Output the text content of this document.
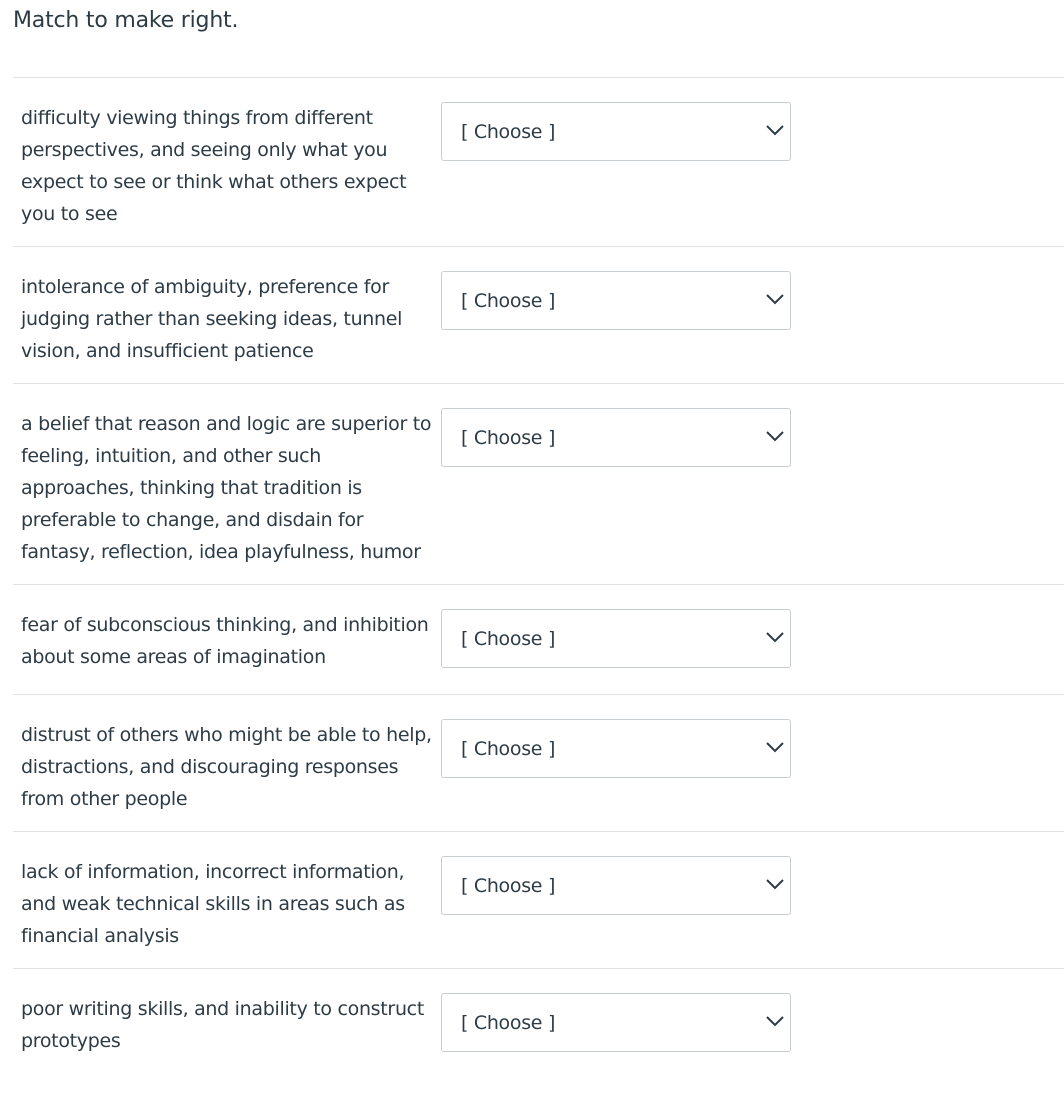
Match to make right.

difficulty viewing things from different perspectives, and seeing only what you expect to see or think what others expect you to see

[ Choose ]

intolerance of ambiguity, preference for judging rather than seeking ideas, tunnel vision, and insufficient patience

[ Choose ]

a belief that reason and logic are superior to feeling, intuition, and other such approaches, thinking that tradition is preferable to change, and disdain for fantasy, reflection, idea playfulness, humor

[ Choose ]

fear of subconscious thinking, and inhibition about some areas of imagination

[ Choose ]

distrust of others who might be able to help, distractions, and discouraging responses from other people

[ Choose ]

lack of information, incorrect information, and weak technical skills in areas such as financial analysis

[ Choose ]

poor writing skills, and inability to construct prototypes

[ Choose ]
